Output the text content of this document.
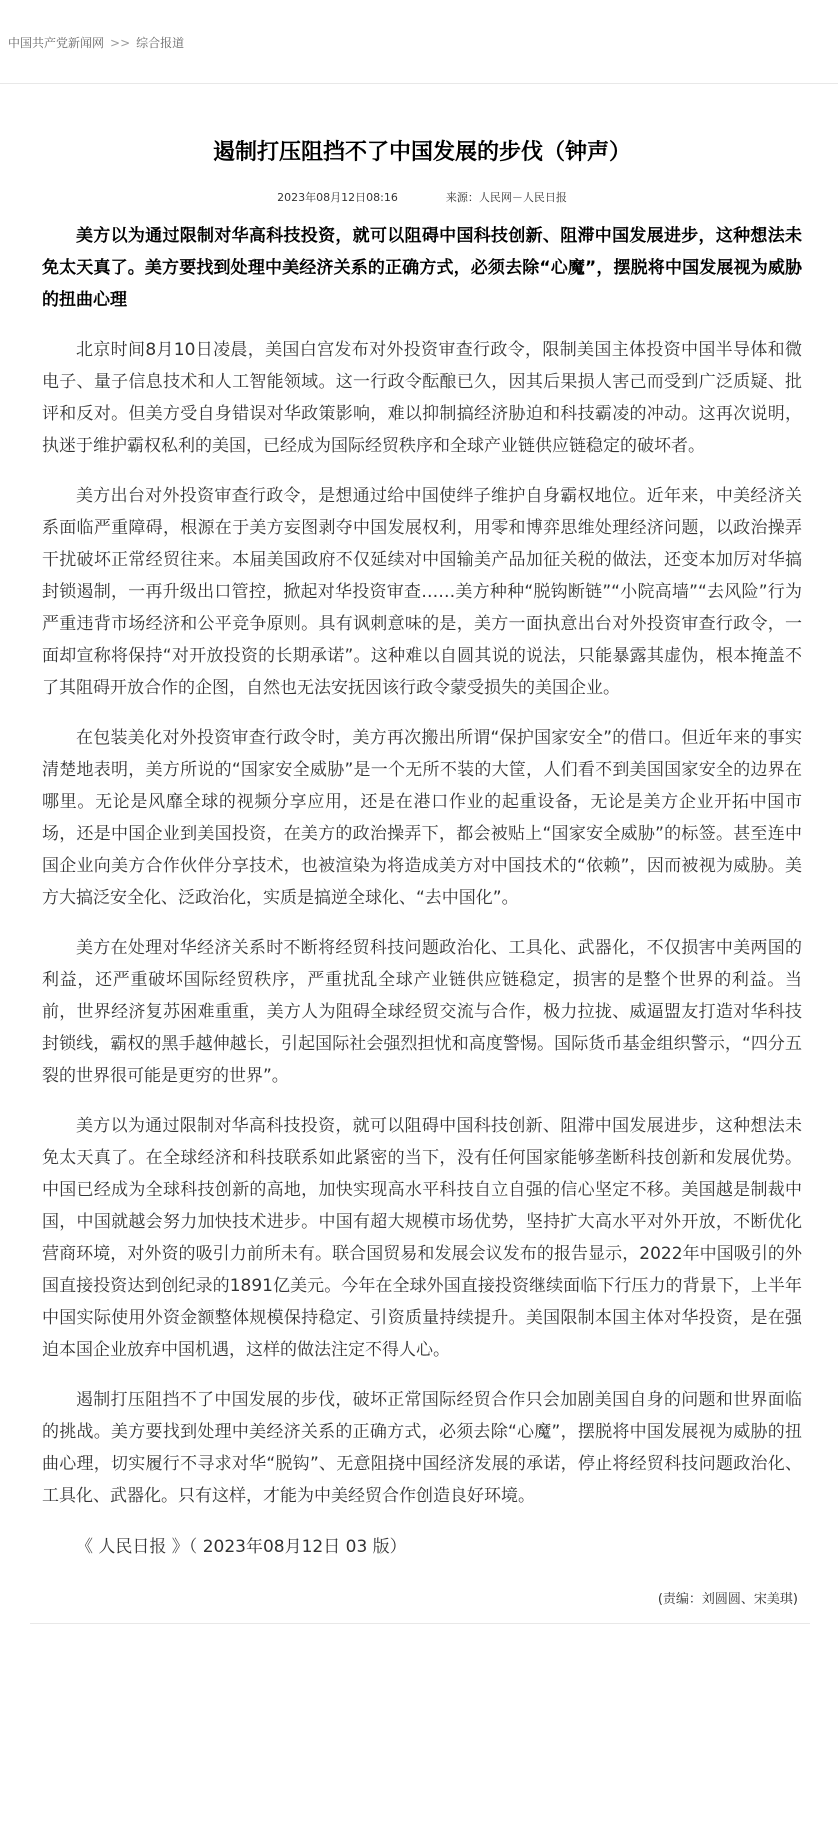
中国共产党新闻网 >> 综合报道
遏制打压阻挡不了中国发展的步伐（钟声）
2023年08月12日08:16	来源：人民网－人民日报

美方以为通过限制对华高科技投资，就可以阻碍中国科技创新、阻滞中国发展进步，这种想法未免太天真了。美方要找到处理中美经济关系的正确方式，必须去除“心魔”，摆脱将中国发展视为威胁的扭曲心理

北京时间8月10日凌晨，美国白宫发布对外投资审查行政令，限制美国主体投资中国半导体和微电子、量子信息技术和人工智能领域。这一行政令酝酿已久，因其后果损人害己而受到广泛质疑、批评和反对。但美方受自身错误对华政策影响，难以抑制搞经济胁迫和科技霸凌的冲动。这再次说明，执迷于维护霸权私利的美国，已经成为国际经贸秩序和全球产业链供应链稳定的破坏者。

美方出台对外投资审查行政令，是想通过给中国使绊子维护自身霸权地位。近年来，中美经济关系面临严重障碍，根源在于美方妄图剥夺中国发展权利，用零和博弈思维处理经济问题，以政治操弄干扰破坏正常经贸往来。本届美国政府不仅延续对中国输美产品加征关税的做法，还变本加厉对华搞封锁遏制，一再升级出口管控，掀起对华投资审查……美方种种“脱钩断链”“小院高墙”“去风险”行为严重违背市场经济和公平竞争原则。具有讽刺意味的是，美方一面执意出台对外投资审查行政令，一面却宣称将保持“对开放投资的长期承诺”。这种难以自圆其说的说法，只能暴露其虚伪，根本掩盖不了其阻碍开放合作的企图，自然也无法安抚因该行政令蒙受损失的美国企业。

在包装美化对外投资审查行政令时，美方再次搬出所谓“保护国家安全”的借口。但近年来的事实清楚地表明，美方所说的“国家安全威胁”是一个无所不装的大筐，人们看不到美国国家安全的边界在哪里。无论是风靡全球的视频分享应用，还是在港口作业的起重设备，无论是美方企业开拓中国市场，还是中国企业到美国投资，在美方的政治操弄下，都会被贴上“国家安全威胁”的标签。甚至连中国企业向美方合作伙伴分享技术，也被渲染为将造成美方对中国技术的“依赖”，因而被视为威胁。美方大搞泛安全化、泛政治化，实质是搞逆全球化、“去中国化”。

美方在处理对华经济关系时不断将经贸科技问题政治化、工具化、武器化，不仅损害中美两国的利益，还严重破坏国际经贸秩序，严重扰乱全球产业链供应链稳定，损害的是整个世界的利益。当前，世界经济复苏困难重重，美方人为阻碍全球经贸交流与合作，极力拉拢、威逼盟友打造对华科技封锁线，霸权的黑手越伸越长，引起国际社会强烈担忧和高度警惕。国际货币基金组织警示，“四分五裂的世界很可能是更穷的世界”。

美方以为通过限制对华高科技投资，就可以阻碍中国科技创新、阻滞中国发展进步，这种想法未免太天真了。在全球经济和科技联系如此紧密的当下，没有任何国家能够垄断科技创新和发展优势。中国已经成为全球科技创新的高地，加快实现高水平科技自立自强的信心坚定不移。美国越是制裁中国，中国就越会努力加快技术进步。中国有超大规模市场优势，坚持扩大高水平对外开放，不断优化营商环境，对外资的吸引力前所未有。联合国贸易和发展会议发布的报告显示，2022年中国吸引的外国直接投资达到创纪录的1891亿美元。今年在全球外国直接投资继续面临下行压力的背景下，上半年中国实际使用外资金额整体规模保持稳定、引资质量持续提升。美国限制本国主体对华投资，是在强迫本国企业放弃中国机遇，这样的做法注定不得人心。

遏制打压阻挡不了中国发展的步伐，破坏正常国际经贸合作只会加剧美国自身的问题和世界面临的挑战。美方要找到处理中美经济关系的正确方式，必须去除“心魔”，摆脱将中国发展视为威胁的扭曲心理，切实履行不寻求对华“脱钩”、无意阻挠中国经济发展的承诺，停止将经贸科技问题政治化、工具化、武器化。只有这样，才能为中美经贸合作创造良好环境。

《 人民日报 》（ 2023年08月12日 03 版）

(责编：刘圆圆、宋美琪)
